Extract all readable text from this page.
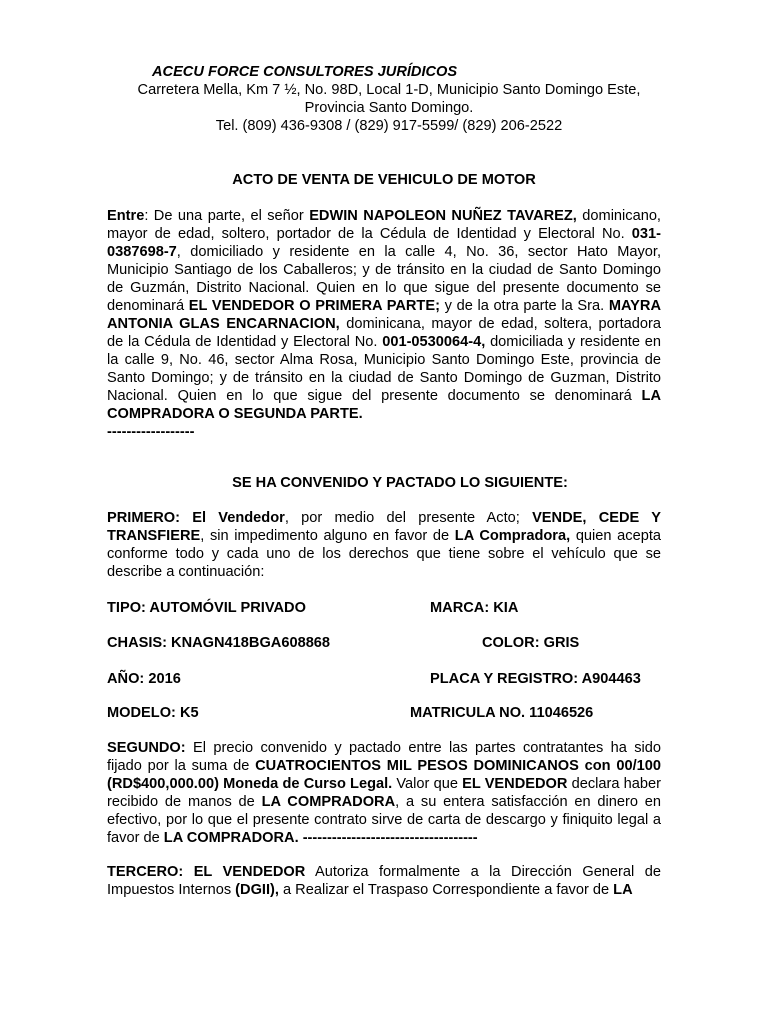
ACECU FORCE CONSULTORES JURÍDICOS
Carretera Mella, Km 7 ½, No. 98D, Local 1-D, Municipio Santo Domingo Este,
Provincia Santo Domingo.
Tel. (809) 436-9308 / (829) 917-5599/ (829) 206-2522
ACTO DE VENTA DE VEHICULO DE MOTOR
Entre: De una parte, el señor EDWIN NAPOLEON NUÑEZ TAVAREZ, dominicano, mayor de edad, soltero, portador de la Cédula de Identidad y Electoral No. 031-0387698-7, domiciliado y residente en la calle 4, No. 36, sector Hato Mayor, Municipio Santiago de los Caballeros; y de tránsito en la ciudad de Santo Domingo de Guzmán, Distrito Nacional. Quien en lo que sigue del presente documento se denominará EL VENDEDOR O PRIMERA PARTE; y de la otra parte la Sra. MAYRA ANTONIA GLAS ENCARNACION, dominicana, mayor de edad, soltera, portadora de la Cédula de Identidad y Electoral No. 001-0530064-4, domiciliada y residente en la calle 9, No. 46, sector Alma Rosa, Municipio Santo Domingo Este, provincia de Santo Domingo; y de tránsito en la ciudad de Santo Domingo de Guzman, Distrito Nacional. Quien en lo que sigue del presente documento se denominará LA COMPRADORA O SEGUNDA PARTE.
------------------
SE HA CONVENIDO Y PACTADO LO SIGUIENTE:
PRIMERO: El Vendedor, por medio del presente Acto; VENDE, CEDE Y TRANSFIERE, sin impedimento alguno en favor de LA Compradora, quien acepta conforme todo y cada uno de los derechos que tiene sobre el vehículo que se describe a continuación:
TIPO: AUTOMÓVIL PRIVADO	MARCA: KIA
CHASIS: KNAGN418BGA608868	COLOR: GRIS
AÑO: 2016	PLACA Y REGISTRO: A904463
MODELO: K5	MATRICULA NO. 11046526
SEGUNDO: El precio convenido y pactado entre las partes contratantes ha sido fijado por la suma de CUATROCIENTOS MIL PESOS DOMINICANOS con 00/100 (RD$400,000.00) Moneda de Curso Legal. Valor que EL VENDEDOR declara haber recibido de manos de LA COMPRADORA, a su entera satisfacción en dinero en efectivo, por lo que el presente contrato sirve de carta de descargo y finiquito legal a favor de LA COMPRADORA. ------------------------------------
TERCERO: EL VENDEDOR Autoriza formalmente a la Dirección General de Impuestos Internos (DGII), a Realizar el Traspaso Correspondiente a favor de LA
